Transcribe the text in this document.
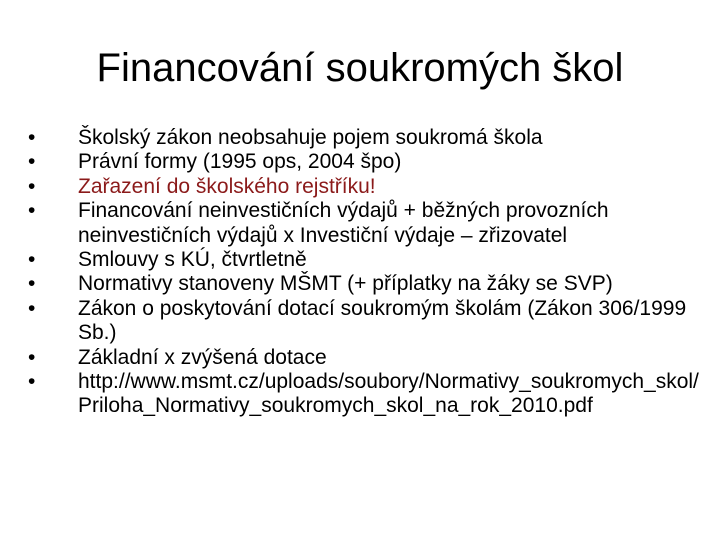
Financování soukromých škol
•	Školský zákon neobsahuje pojem soukromá škola
•	Právní formy (1995 ops, 2004 špo)
•	Zařazení do školského rejstříku!
•	Financování neinvestičních výdajů + běžných provozních neinvestičních výdajů x Investiční výdaje – zřizovatel
•	Smlouvy s KÚ, čtvrtletně
•	Normativy stanoveny MŠMT (+ příplatky na žáky se SVP)
•	Zákon o poskytování dotací soukromým školám (Zákon 306/1999 Sb.)
•	Základní x zvýšená dotace
•	http://www.msmt.cz/uploads/soubory/Normativy_soukromych_skol/Priloha_Normativy_soukromych_skol_na_rok_2010.pdf
